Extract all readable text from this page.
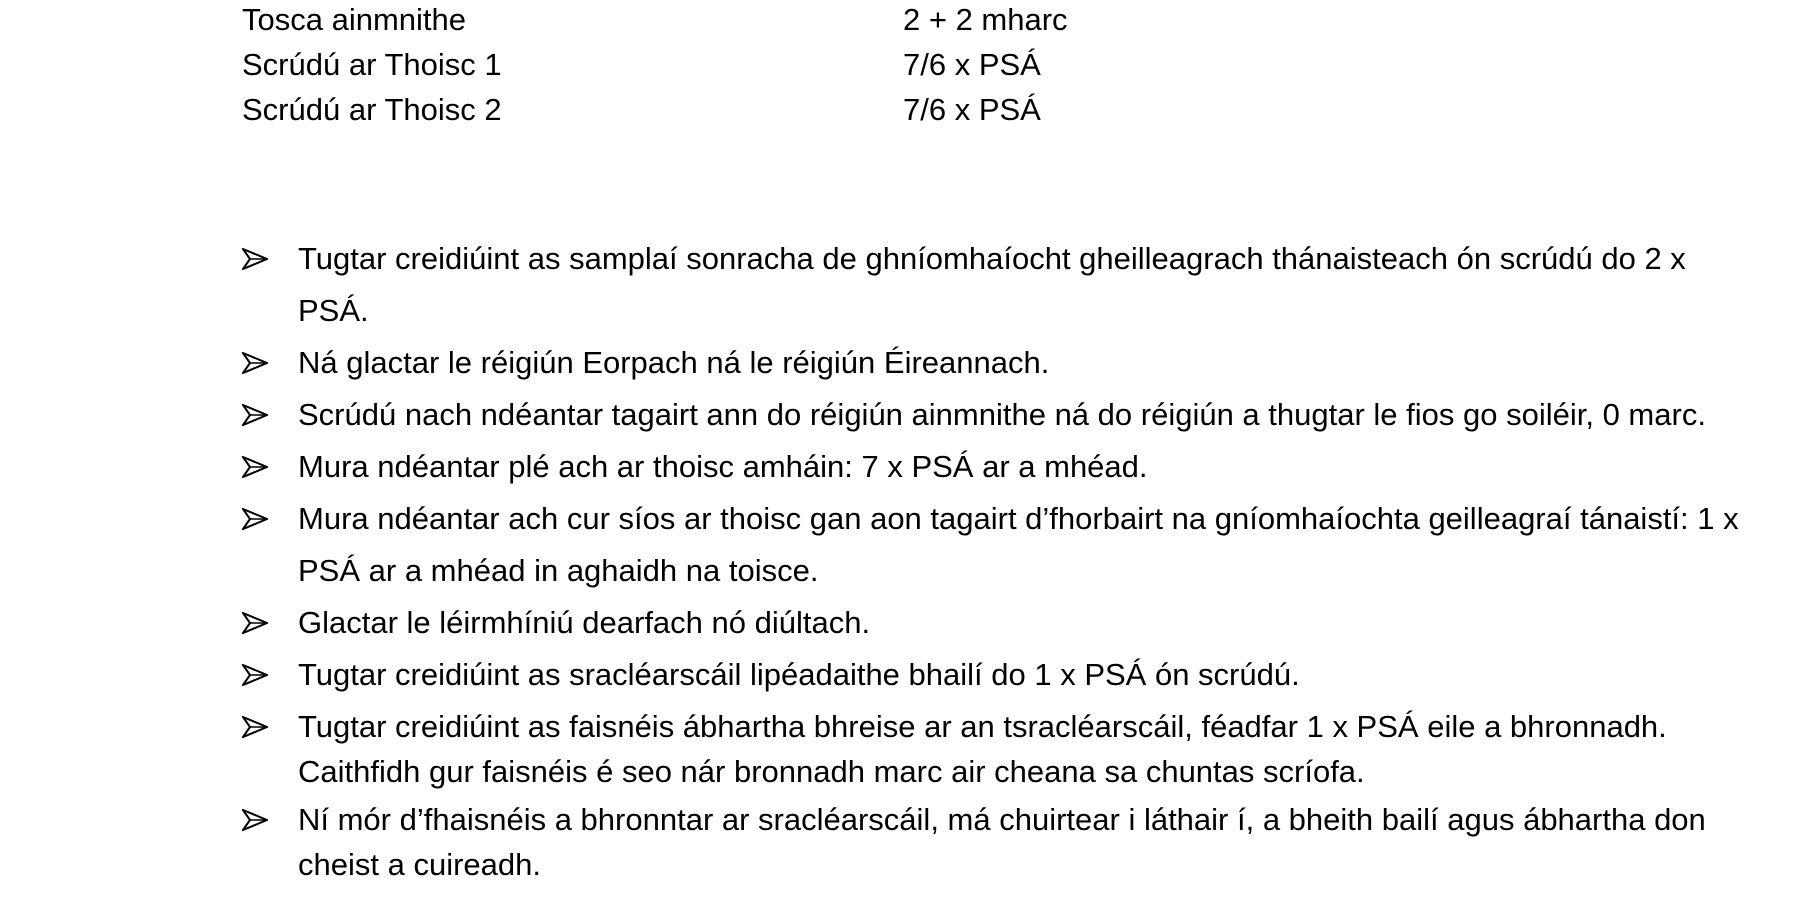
Tosca ainmnithe	2 + 2 mharc
Scrúdú ar Thoisc 1	7/6 x PSÁ
Scrúdú ar Thoisc 2	7/6 x PSÁ
Tugtar creidiúint as samplaí sonracha de ghníomhaíocht gheilleagrach thánaisteach ón scrúdú do 2 x PSÁ.
Ná glactar le réigiún Eorpach ná le réigiún Éireannach.
Scrúdú nach ndéantar tagairt ann do réigiún ainmnithe ná do réigiún a thugtar le fios go soiléir, 0 marc.
Mura ndéantar plé ach ar thoisc amháin: 7 x PSÁ ar a mhéad.
Mura ndéantar ach cur síos ar thoisc gan aon tagairt d’fhorbairt na gníomhaíochta geilleagraí tánaistí: 1 x PSÁ ar a mhéad in aghaidh na toisce.
Glactar le léirmhíniú dearfach nó diúltach.
Tugtar creidiúint as sracléarscáil lipéadaithe bhailí do 1 x PSÁ ón scrúdú.
Tugtar creidiúint as faisnéis ábhartha bhreise ar an tsracléarscáil, féadfar 1 x PSÁ eile a bhronnadh. Caithfidh gur faisnéis é seo nár bronnadh marc air cheana sa chuntas scríofa.
Ní mór d’fhaisnéis a bhronntar ar sracléarscáil, má chuirtear i láthair í, a bheith bailí agus ábhartha don cheist a cuireadh.
